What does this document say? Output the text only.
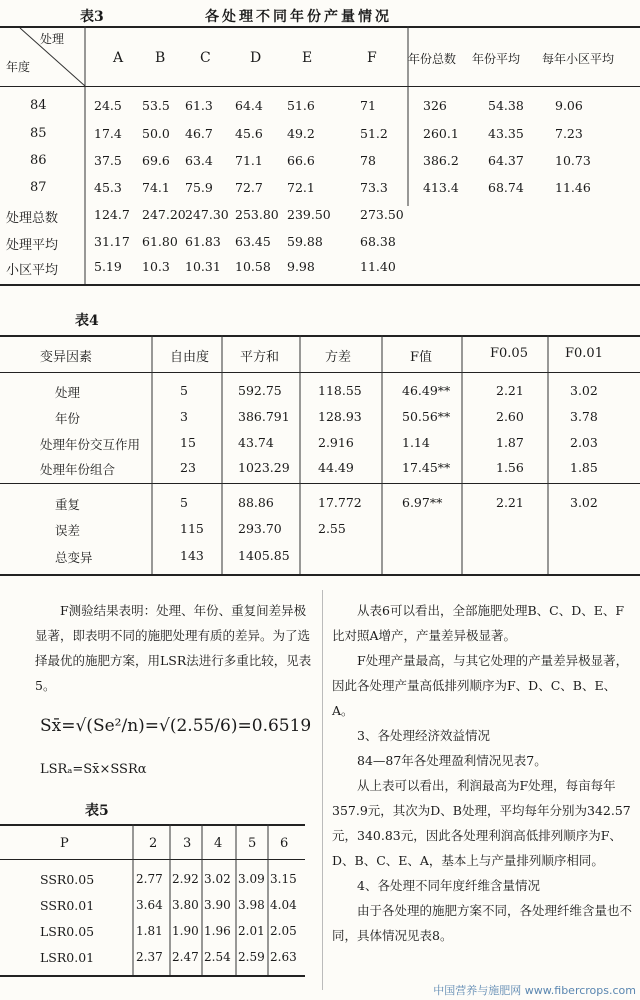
表3	各处理不同年份产量情况
处理
年度
A B C	D	E	F	年份总数 年份平均 每年小区平均
84	24.5 53.5 61.3 64.4 51.6	71	326	54.38 9.06
85	17.4 50.0 46.7 45.6 49.2	51.2	260.1 43.35 7.23
86	37.5 69.6 63.4 71.1 66.6	78	386.2 64.37 10.73
87	45.3 74.1 75.9 72.7 72.1	73.3	413.4 68.74 11.46
处理总数	124.7 247.20 247.30 253.80 239.50 273.50
处理平均	31.17 61.80 61.83 63.45 59.88	68.38
小区平均	5.19 10.3 10.31 10.58 9.98	11.40
表4
变异因素	自由度 平方和	方差	F值	F0.05	F0.01
处理	5	592.75	118.55	46.49**	2.21	3.02
年份	3	386.791 128.93	50.56**	2.60	3.78
处理年份交互作用	15	43.74	2.916	1.14	1.87	2.03
处理年份组合	23	1023.29 44.49	17.45**	1.56	1.85
重复	5	88.86	17.772	6.97**	2.21	3.02
误差	115	293.70	2.55
总变异	143	1405.85

F测验结果表明：处理、年份、重复间差异极显著，即表明不同的施肥处理有质的差异。为了选择最优的施肥方案，用LSR法进行多重比较，见表5。

Sx̄=√(Se²/n)=√(2.55/6)=0.6519
LSRₐ=Sx̄×SSRα
表5
P	2 3 4 5 6
SSR0.05	2.77 2.92 3.02 3.09 3.15
SSR0.01	3.64 3.80 3.90 3.98 4.04
LSR0.05	1.81 1.90 1.96 2.01 2.05
LSR0.01	2.37 2.47 2.54 2.59 2.63

从表6可以看出，全部施肥处理B、C、D、E、F比对照A增产，产量差异极显著。

F处理产量最高，与其它处理的产量差异极显著，因此各处理产量高低排列顺序为F、D、C、B、E、A。

3、各处理经济效益情况

84—87年各处理盈利情况见表7。

从上表可以看出，利润最高为F处理，每亩每年357.9元，其次为D、B处理，平均每年分别为342.57元，340.83元，因此各处理利润高低排列顺序为F、D、B、C、E、A，基本上与产量排列顺序相同。

4、各处理不同年度纤维含量情况

由于各处理的施肥方案不同，各处理纤维含量也不同，具体情况见表8。

中国营养与施肥网 www.fibercrops.com
